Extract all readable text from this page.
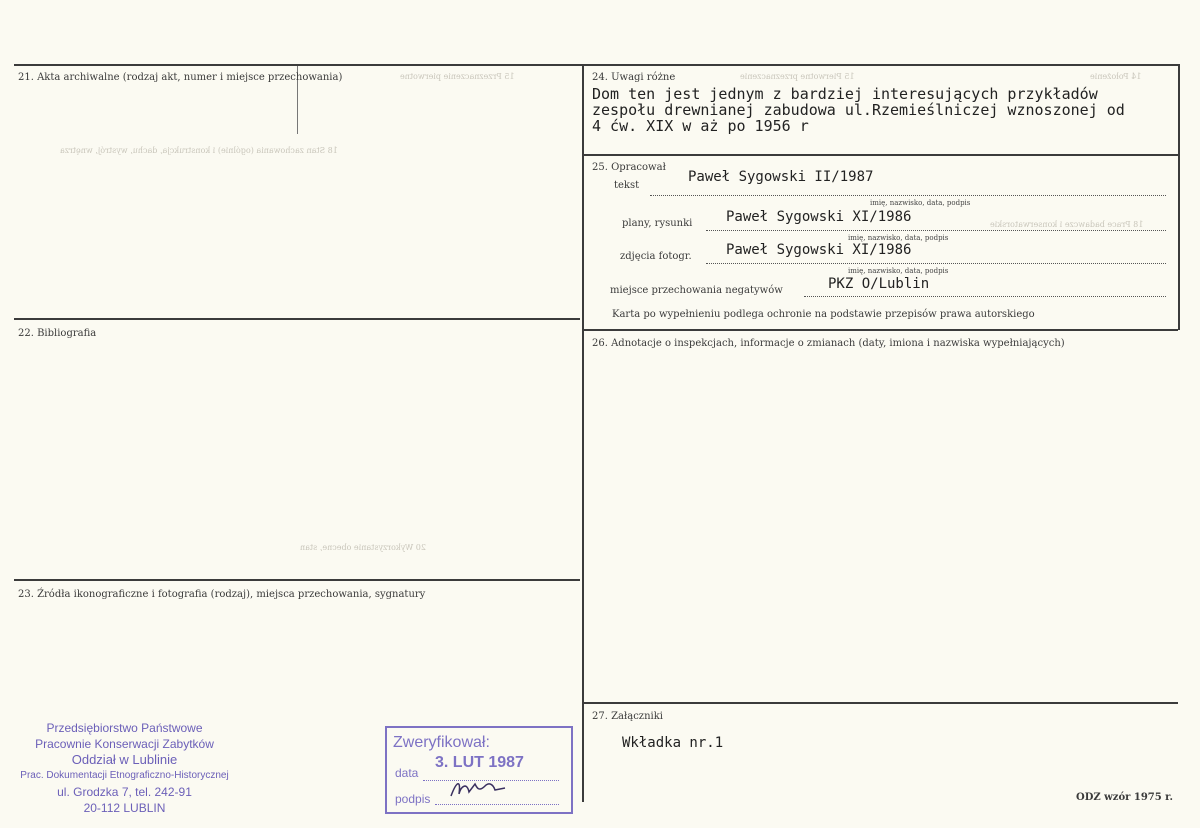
15 Przeznaczenie pierwotne
18 Stan zachowania (ogólnie) i konstrukcja, dachu, wystrój, wnętrza
14 Położenie
15 Pierwotne przeznaczenie
18 Prace badawcze i konserwatorskie
20 Wykorzystanie obecne, stan
21. Akta archiwalne (rodzaj akt, numer i miejsce przechowania)
22. Bibliografia
23. Źródła ikonograficzne i fotografia (rodzaj), miejsca przechowania, sygnatury
24. Uwagi różne
Dom ten jest jednym z bardziej interesujących przykładów
zespołu drewnianej zabudowa ul.Rzemieślniczej wznoszonej od
4 ćw. XIX w aż po 1956 r
25. Opracował
tekst
Paweł Sygowski II/1987
imię, nazwisko, data, podpis
plany, rysunki Paweł Sygowski XI/1986
imię, nazwisko, data, podpis
zdjęcia fotogr. Paweł Sygowski XI/1986
imię, nazwisko, data, podpis
miejsce przechowania negatywów	PKZ O/Lublin
Karta po wypełnieniu podlega ochronie na podstawie przepisów prawa autorskiego
26. Adnotacje o inspekcjach, informacje o zmianach (daty, imiona i nazwiska wypełniających)
27. Załączniki
Wkładka nr.1
ODZ wzór 1975 r.
Przedsiębiorstwo Państwowe
Pracownie Konserwacji Zabytków
Oddział w Lublinie
Prac. Dokumentacji Etnograficzno-Historycznej
ul. Grodzka 7, tel. 242-91
20-112 LUBLIN
Zweryfikował:
data
3. LUT 1987
podpis
